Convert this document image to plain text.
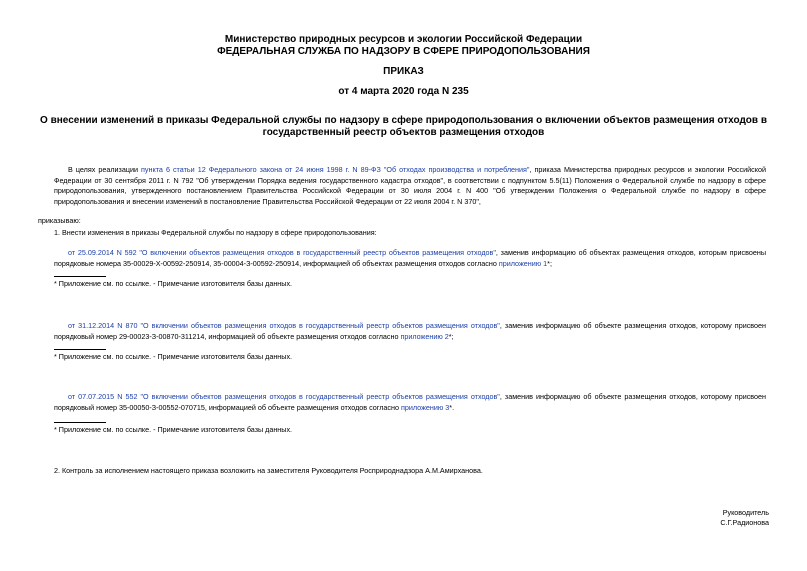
Министерство природных ресурсов и экологии Российской Федерации
ФЕДЕРАЛЬНАЯ СЛУЖБА ПО НАДЗОРУ В СФЕРЕ ПРИРОДОПОЛЬЗОВАНИЯ
ПРИКАЗ
от 4 марта 2020 года N 235
О внесении изменений в приказы Федеральной службы по надзору в сфере природопользования о включении объектов размещения отходов в государственный реестр объектов размещения отходов
В целях реализации пункта 6 статьи 12 Федерального закона от 24 июня 1998 г. N 89-ФЗ "Об отходах производства и потребления", приказа Министерства природных ресурсов и экологии Российской Федерации от 30 сентября 2011 г. N 792 "Об утверждении Порядка ведения государственного кадастра отходов", в соответствии с подпунктом 5.5(11) Положения о Федеральной службе по надзору в сфере природопользования, утвержденного постановлением Правительства Российской Федерации от 30 июля 2004 г. N 400 "Об утверждении Положения о Федеральной службе по надзору в сфере природопользования и внесении изменений в постановление Правительства Российской Федерации от 22 июля 2004 г. N 370",
приказываю:
1. Внести изменения в приказы Федеральной службы по надзору в сфере природопользования:
от 25.09.2014 N 592 "О включении объектов размещения отходов в государственный реестр объектов размещения отходов", заменив информацию об объектах размещения отходов, которым присвоены порядковые номера 35-00029-Х-00592-250914, 35-00004-З-00592-250914, информацией об объектах размещения отходов согласно приложению 1*;
* Приложение см. по ссылке. - Примечание изготовителя базы данных.
от 31.12.2014 N 870 "О включении объектов размещения отходов в государственный реестр объектов размещения отходов", заменив информацию об объекте размещения отходов, которому присвоен порядковый номер 29-00023-З-00870-311214, информацией об объекте размещения отходов согласно приложению 2*;
* Приложение см. по ссылке. - Примечание изготовителя базы данных.
от 07.07.2015 N 552 "О включении объектов размещения отходов в государственный реестр объектов размещения отходов", заменив информацию об объекте размещения отходов, которому присвоен порядковый номер 35-00050-З-00552-070715, информацией об объекте размещения отходов согласно приложению 3*.
* Приложение см. по ссылке. - Примечание изготовителя базы данных.
2. Контроль за исполнением настоящего приказа возложить на заместителя Руководителя Росприроднадзора А.М.Амирханова.
Руководитель
С.Г.Радионова
